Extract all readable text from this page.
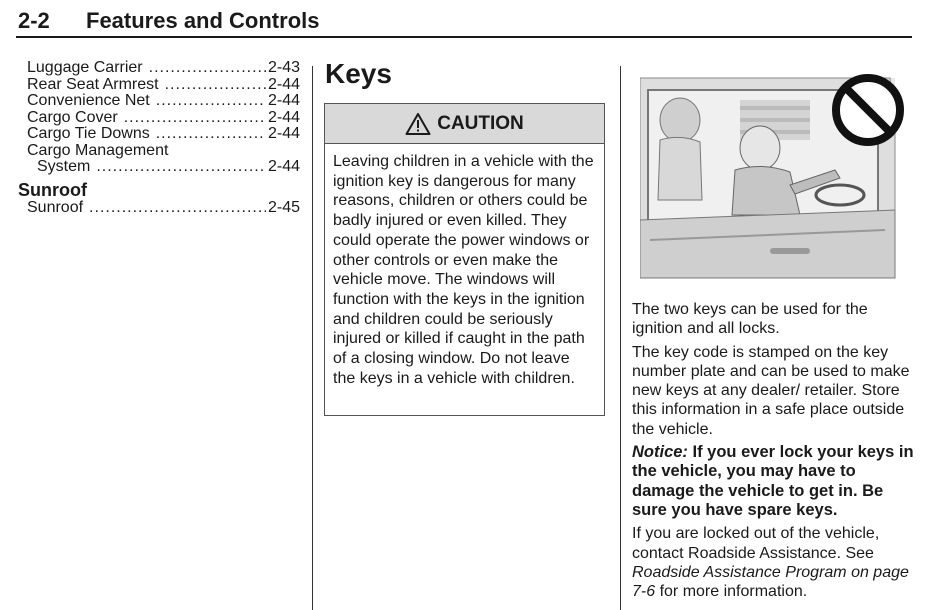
2-2 Features and Controls
Luggage Carrier .....	2-43
Rear Seat Armrest .....	2-44
Convenience Net .....	2-44
Cargo Cover .....	2-44
Cargo Tie Downs .....	2-44
Cargo Management
System .....	2-44
Sunroof
Sunroof .....	2-45
Keys
CAUTION
Leaving children in a vehicle with the ignition key is dangerous for many reasons, children or others could be badly injured or even killed. They could operate the power windows or other controls or even make the vehicle move. The windows will function with the keys in the ignition and children could be seriously injured or killed if caught in the path of a closing window. Do not leave the keys in a vehicle with children.

The two keys can be used for the ignition and all locks.

The key code is stamped on the key number plate and can be used to make new keys at any dealer/ retailer. Store this information in a safe place outside the vehicle.

Notice: If you ever lock your keys in the vehicle, you may have to damage the vehicle to get in. Be sure you have spare keys.

If you are locked out of the vehicle, contact Roadside Assistance. See Roadside Assistance Program on page 7-6 for more information.
